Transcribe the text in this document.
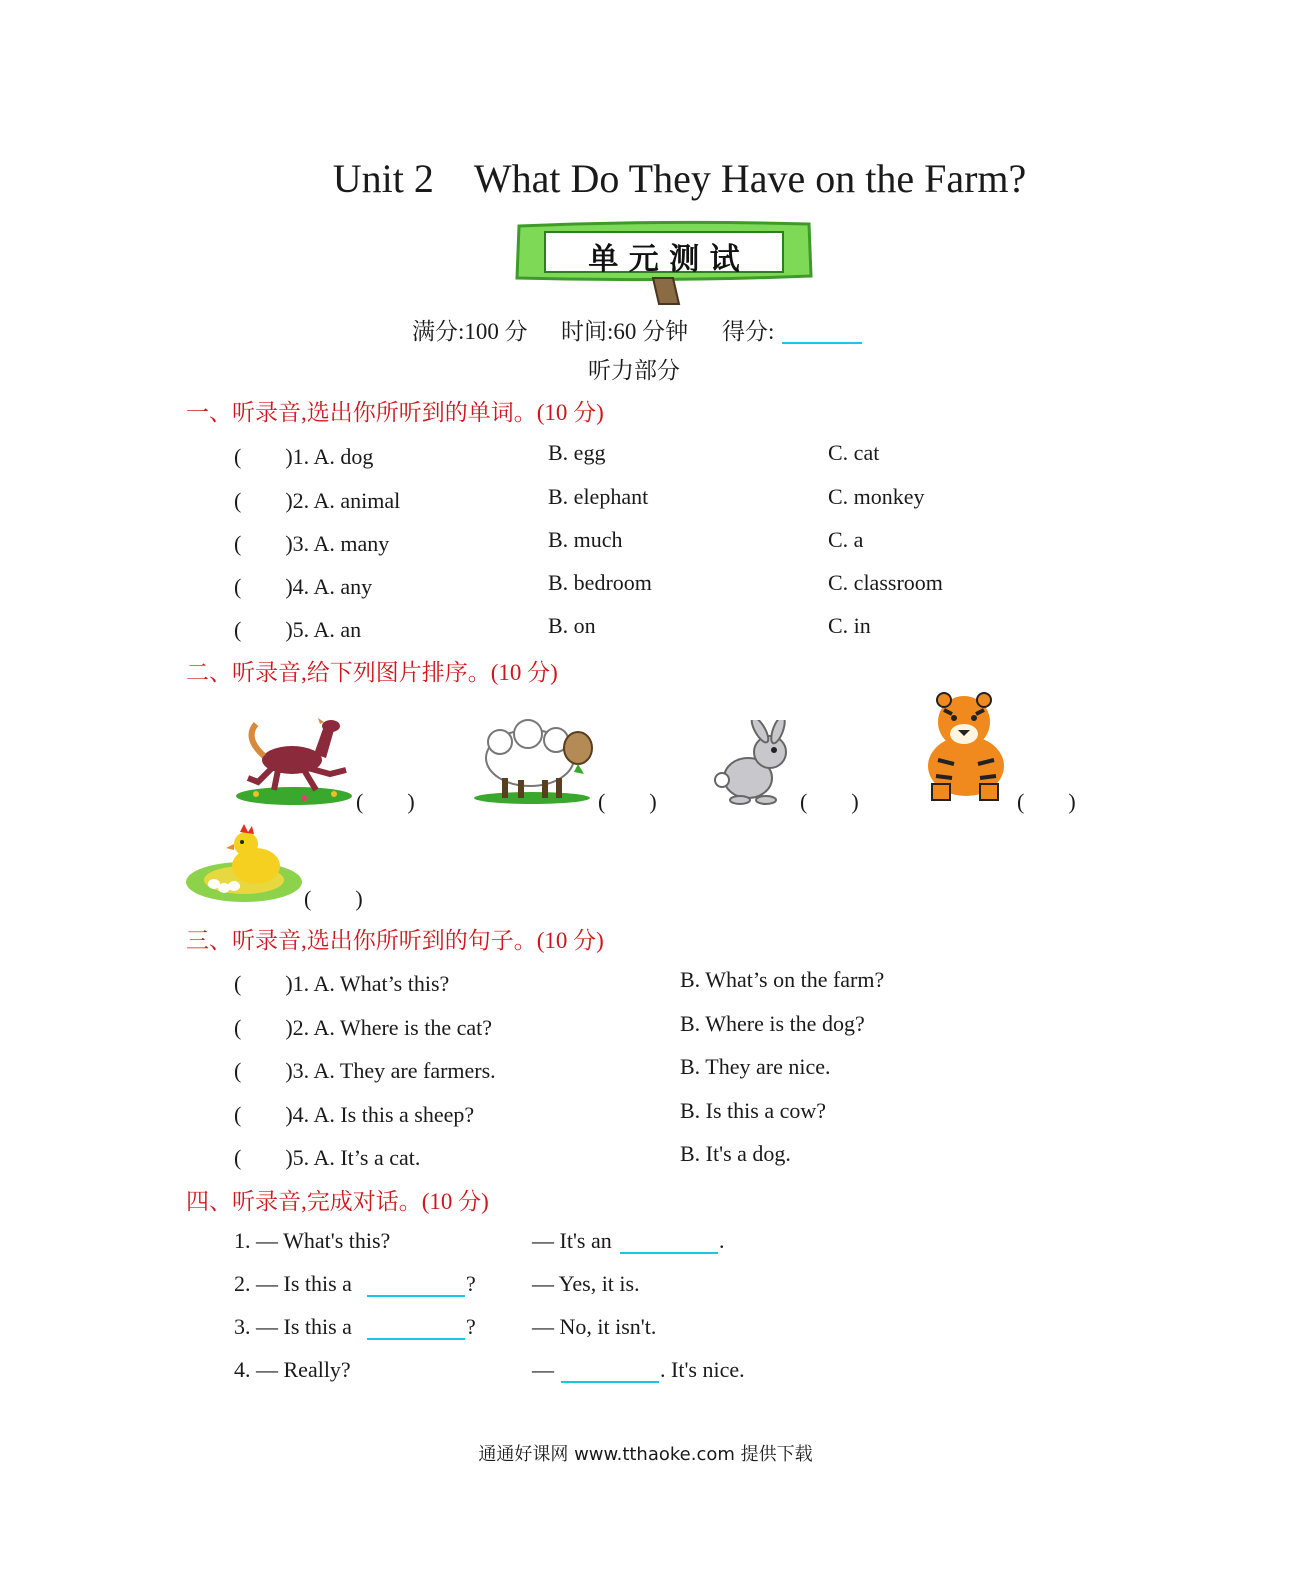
Unit 2 What Do They Have on the Farm?
单 元 测 试
满分:100 分 时间:60 分钟 得分:
听力部分
一、听录音,选出你所听到的单词。(10 分)
(　　)1. A. dog	B. egg	C. cat
(　　)2. A. animal	B. elephant	C. monkey
(　　)3. A. many	B. much	C. a
(　　)4. A. any	B. bedroom	C. classroom
(　　)5. A. an	B. on	C. in
二、听录音,给下列图片排序。(10 分)
(　　)	(　　)	(　　)	(　　)
(　　)
三、听录音,选出你所听到的句子。(10 分)
(　　)1. A. What’s this?	B. What’s on the farm?
(　　)2. A. Where is the cat?	B. Where is the dog?
(　　)3. A. They are farmers.	B. They are nice.
(　　)4. A. Is this a sheep?	B. Is this a cow?
(　　)5. A. It’s a cat.	B. It's a dog.
四、听录音,完成对话。(10 分)
1. — What's this?	— It's an	.
2. — Is this a	?	— Yes, it is.
3. — Is this a	?	— No, it isn't.
4. — Really?	—	. It's nice.
通通好课网 www.tthaoke.com 提供下载
